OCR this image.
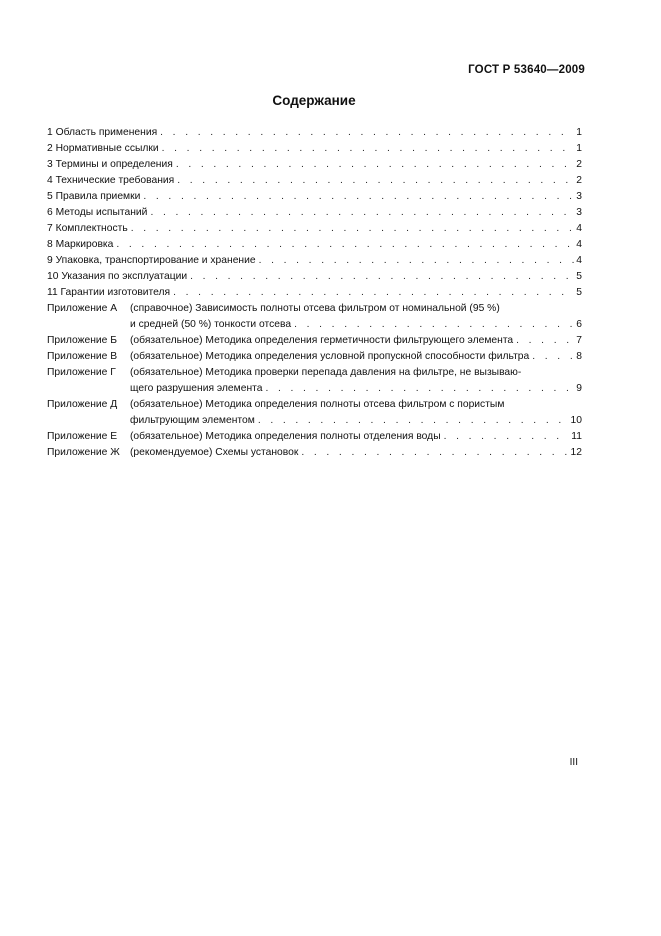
ГОСТ Р 53640—2009
Содержание
1 Область применения . . .	1
2 Нормативные ссылки . . .	1
3 Термины и определения . . .	2
4 Технические требования . . .	2
5 Правила приемки . . .	3
6 Методы испытаний . . .	3
7 Комплектность . . .	4
8 Маркировка . . .	4
9 Упаковка, транспортирование и хранение . . .	4
10 Указания по эксплуатации . . .	5
11 Гарантии изготовителя . . .	5
Приложение А (справочное) Зависимость полноты отсева фильтром от номинальной (95 %)
и средней (50 %) тонкости отсева . . .	6
Приложение Б (обязательное) Методика определения герметичности фильтрующего элемента . . .	7
Приложение В (обязательное) Методика определения условной пропускной способности фильтра . . .	8
Приложение Г (обязательное) Методика проверки перепада давления на фильтре, не вызываю-
щего разрушения элемента . . .	9
Приложение Д (обязательное) Методика определения полноты отсева фильтром с пористым
фильтрующим элементом . . .	10
Приложение Е (обязательное) Методика определения полноты отделения воды . . .	11
Приложение Ж (рекомендуемое) Схемы установок . . .	12
III
